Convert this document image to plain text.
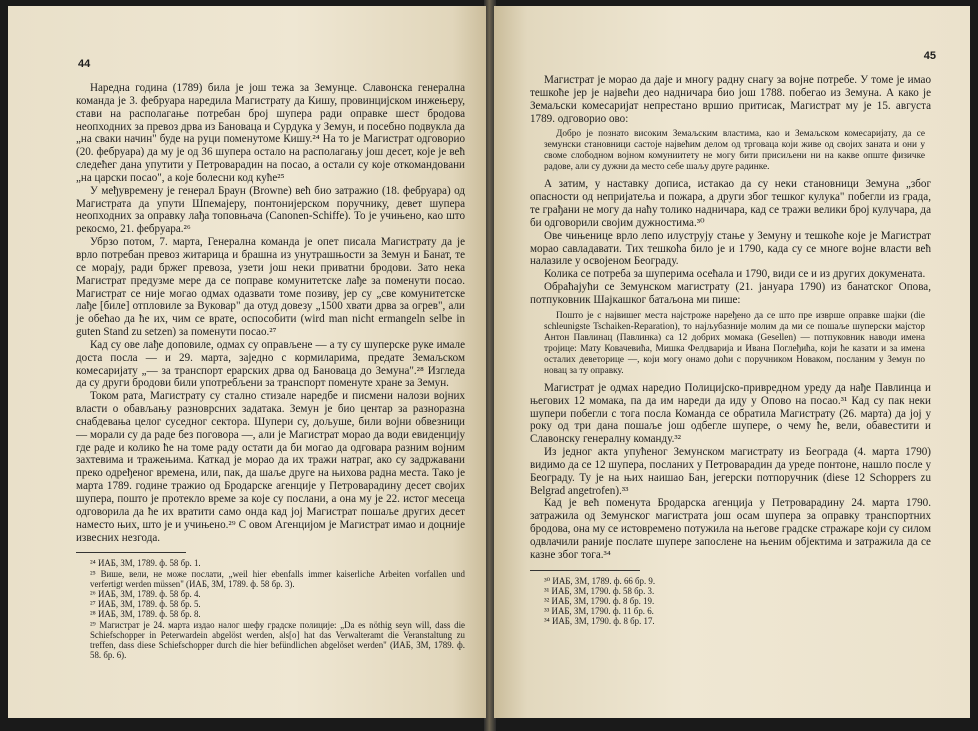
44

Наредна година (1789) била је још тежа за Земунце. Славонска генерална команда је 3. фебруара наредила Магистрату да Кишу, провинцијском инжењеру, стави на располагање потребан број шупера ради оправке шест бродова неопходних за превоз дрва из Бановаца и Сурдука у Земун, и посебно подвукла да „на сваки начин" буде на руци поменутоме Кишу.²⁴ На то је Магистрат одговорио (20. фебруара) да му је од 36 шупера остало на располагању још десет, које је већ следећег дана упутити у Петроварадин на посао, а остали су које откомандовани „на царски посао", а које болесни код куће²⁵

У међувремену је генерал Браун (Browne) већ био затражио (18. фебруара) од Магистрата да упути Шпемајеру, понтонијерском поручнику, девет шупера неопходних за оправку лађа топовњача (Canonen-Schiffe). То је учињено, као што рекосмо, 21. фебруара.²⁶

Убрзо потом, 7. марта, Генерална команда је опет писала Магистрату да је врло потребан превоз житарица и брашна из унутрашњости за Земун и Банат, те се морају, ради бржег превоза, узети још неки приватни бродови. Зато нека Магистрат предузме мере да се поправе комунитетске лађе за поменути посао. Магистрат се није могао одмах одазвати томе позиву, јер су „све комунитетске лађе [биле] отпловиле за Вуковар" да отуд довезу „1500 хвати дрва за огрев", али је обећао да ће их, чим се врате, оспособити (wird man nicht ermangeln selbe in guten Stand zu setzen) за поменути посао.²⁷

Кад су ове лађе доповиле, одмах су оправљене — а ту су шуперске руке имале доста посла — и 29. марта, заједно с кормиларима, предате Земаљском комесаријату „— за транспорт ерарских дрва од Бановаца до Земуна".²⁸ Изгледа да су други бродови били употребљени за транспорт поменуте хране за Земун.

Током рата, Магистрату су стално стизале наредбе и писмени налози војних власти о обављању разноврсних задатака. Земун је био центар за разноразна снабдевања целог суседног сектора. Шупери су, дољуше, били војни обвезници — морали су да раде без поговора —, али је Магистрат морао да води евиденцију где раде и колико ће на томе раду остати да би могао да одговара разним војним захтевима и тражењима. Каткад је морао да их тражи натраг, ако су задржавани преко одређеног времена, или, пак, да шаље друге на њихова радна места. Тако је марта 1789. године тражио од Бродарске агенције у Петроварадину десет својих шупера, пошто је протекло време за које су послани, а она му је 22. истог месеца одговорила да ће их вратити само онда кад јој Магистрат пошаље других десет наместо њих, што је и учињено.²⁹ С овом Агенцијом је Магистрат имао и доцније извесних незгода.

²⁴ ИАБ, ЗМ, 1789. ф. 58 бр. 1.
²⁵ Више, вели, не може послати, „weil hier ebenfalls immer kaiserliche Arbeiten vorfallen und verfertigt werden müssen" (ИАБ, ЗМ, 1789. ф. 58 бр. 3).
²⁶ ИАБ, ЗМ, 1789. ф. 58 бр. 4.
²⁷ ИАБ, ЗМ, 1789. ф. 58 бр. 5.
²⁸ ИАБ, ЗМ, 1789. ф. 58 бр. 8.
²⁹ Магистрат је 24. марта издао налог шефу градске полиције: „Da es nöthig seyn will, dass die Schiefschopper in Peterwardein abgelöst werden, als[o] hat das Verwalteramt die Veranstaltung zu treffen, dass diese Schiefschopper durch die hier befündlichen abgelöset werden" (ИАБ, ЗМ, 1789. ф. 58. бр. 6).
45

Магистрат је морао да даје и многу радну снагу за војне потребе. У томе је имао тешкоће јер је највећи део надничара био још 1788. побегао из Земуна. А како је Земаљски комесаријат непрестано вршио притисак, Магистрат му је 15. августа 1789. одговорио ово:

Добро је познато високим Земаљским властима, као и Земаљском комесаријату, да се земунски становници састоје највећим делом од трговаца који живе од својих заната и они у своме слободном војном комуниитету не могу бити присиљени ни на какве опште физичке радове, али су дужни да место себе шаљу друге радинке.

А затим, у наставку дописа, истакао да су неки становници Земуна „због опасности од непријатеља и пожара, а други због тешког кулука" побегли из града, те грађани не могу да наћу толико надничара, кад се тражи велики број кулучара, да би одговорили својим дужностима.³⁰

Ове чињенице врло лепо илуструју стање у Земуну и тешкоће које је Магистрат морао савладавати. Тих тешкоћа било је и 1790, када су се многе војне власти већ налазиле у освојеном Београду.

Колика се потреба за шуперима осећала и 1790, види се и из других докумената.

Обраћајући се Земунском магистрату (21. јануара 1790) из банатског Опова, потпуковник Шајкашког батаљона ми пише:

Пошто је с највишег места најстроже наређено да се што пре изврше оправке шајки (die schleunigste Tschaiken-Reparation), то најљубазније молим да ми се пошаље шуперски мајстор Антон Павлинац (Павлинка) са 12 добрих момака (Gesellen) — потпуковник наводи имена тројице: Мату Ковачевића, Мишка Фелдварија и Ивана Поглеђића, који ће казати и за имена осталих деветорице —, који могу онамо доћи с поручником Новаком, посланим у Земун по новац за ту оправку.

Магистрат је одмах наредио Полицијско-привредном уреду да нађе Павлинца и његових 12 момака, па да им нареди да иду у Опово на посао.³¹ Кад су пак неки шупери побегли с тога посла Команда се обратила Магистрату (26. марта) да јој у року од три дана пошаље још одбегле шупере, о чему ће, вели, обавестити и Славонску генералну команду.³²

Из једног акта упућеног Земунском магистрату из Београда (4. марта 1790) видимо да се 12 шупера, посланих у Петроварадин да уреде понтоне, нашло после у Београду. Ту је на њих наишао Бан, јегерски потпоручник (diese 12 Schoppers zu Belgrad angetrofen).³³

Кад је већ поменута Бродарска агенција у Петроварадину 24. марта 1790. затражила од Земунског магистрата још осам шупера за оправку транспортних бродова, она му се истовремено потужила на његове градске стражаре који су силом одвлачили раније послате шупере запослене на њеним објектима и затражила да се казне због тога.³⁴

³⁰ ИАБ, ЗМ, 1789. ф. 66 бр. 9.
³¹ ИАБ, ЗМ, 1790. ф. 58 бр. 3.
³² ИАБ, ЗМ, 1790. ф. 8 бр. 19.
³³ ИАБ, ЗМ, 1790. ф. 11 бр. 6.
³⁴ ИАБ, ЗМ, 1790. ф. 8 бр. 17.
